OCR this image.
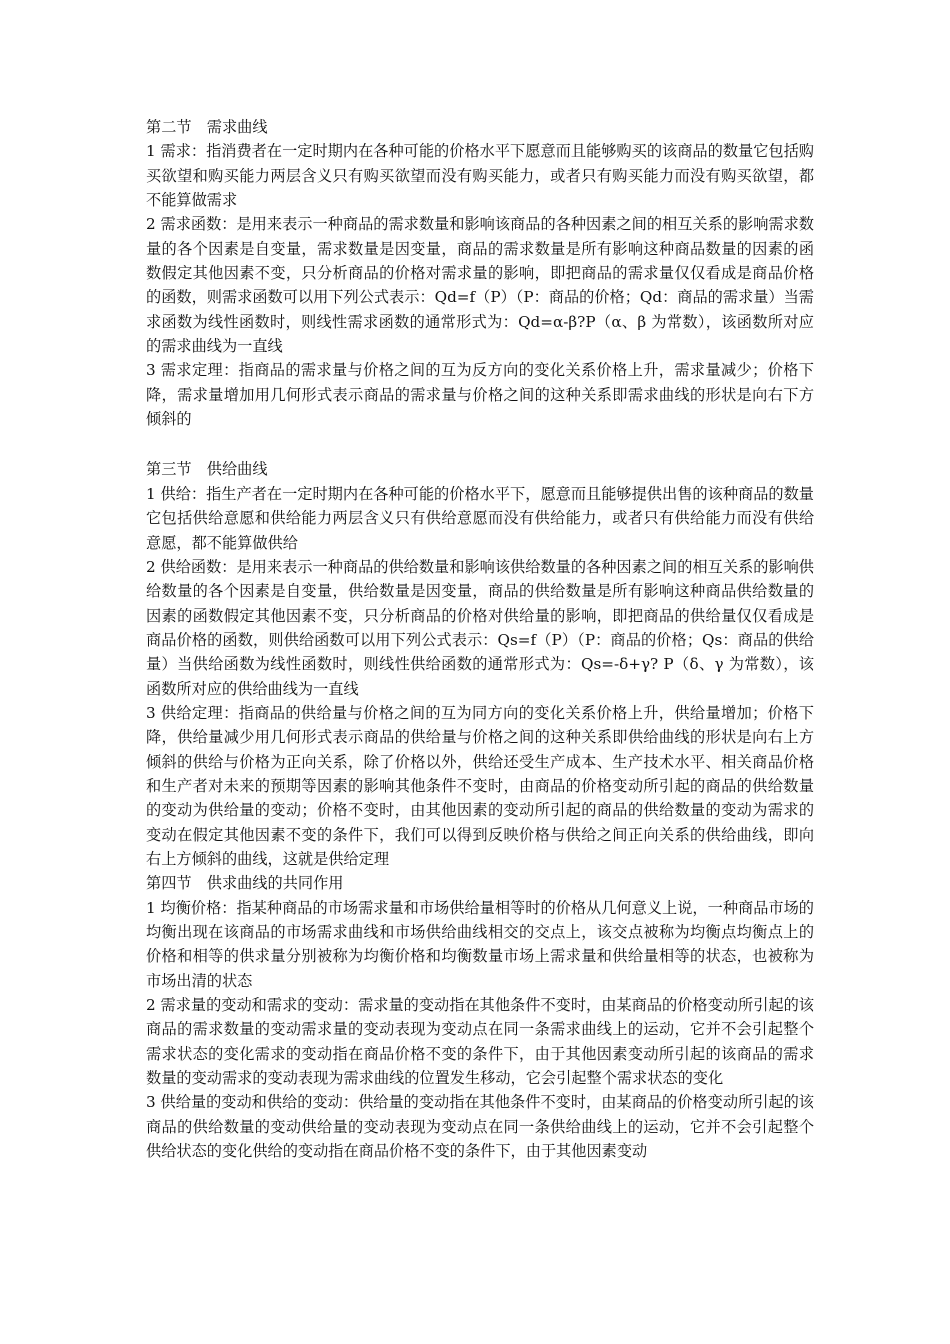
第二节　需求曲线
1 需求：指消费者在一定时期内在各种可能的价格水平下愿意而且能够购买的该商品的数量它包括购买欲望和购买能力两层含义只有购买欲望而没有购买能力，或者只有购买能力而没有购买欲望，都不能算做需求
2 需求函数：是用来表示一种商品的需求数量和影响该商品的各种因素之间的相互关系的影响需求数量的各个因素是自变量，需求数量是因变量，商品的需求数量是所有影响这种商品数量的因素的函数假定其他因素不变，只分析商品的价格对需求量的影响，即把商品的需求量仅仅看成是商品价格的函数，则需求函数可以用下列公式表示：Qd=f（P）（P：商品的价格；Qd：商品的需求量）当需求函数为线性函数时，则线性需求函数的通常形式为：Qd=α-β?P（α、β 为常数），该函数所对应的需求曲线为一直线
3 需求定理：指商品的需求量与价格之间的互为反方向的变化关系价格上升，需求量减少；价格下降，需求量增加用几何形式表示商品的需求量与价格之间的这种关系即需求曲线的形状是向右下方倾斜的
第三节　供给曲线
1 供给：指生产者在一定时期内在各种可能的价格水平下，愿意而且能够提供出售的该种商品的数量它包括供给意愿和供给能力两层含义只有供给意愿而没有供给能力，或者只有供给能力而没有供给意愿，都不能算做供给
2 供给函数：是用来表示一种商品的供给数量和影响该供给数量的各种因素之间的相互关系的影响供给数量的各个因素是自变量，供给数量是因变量，商品的供给数量是所有影响这种商品供给数量的因素的函数假定其他因素不变，只分析商品的价格对供给量的影响，即把商品的供给量仅仅看成是商品价格的函数，则供给函数可以用下列公式表示：Qs=f（P）（P：商品的价格；Qs：商品的供给量）当供给函数为线性函数时，则线性供给函数的通常形式为：Qs=-δ+γ? P（δ、γ 为常数），该函数所对应的供给曲线为一直线
3 供给定理：指商品的供给量与价格之间的互为同方向的变化关系价格上升，供给量增加；价格下降，供给量减少用几何形式表示商品的供给量与价格之间的这种关系即供给曲线的形状是向右上方倾斜的供给与价格为正向关系，除了价格以外，供给还受生产成本、生产技术水平、相关商品价格和生产者对未来的预期等因素的影响其他条件不变时，由商品的价格变动所引起的商品的供给数量的变动为供给量的变动；价格不变时，由其他因素的变动所引起的商品的供给数量的变动为需求的变动在假定其他因素不变的条件下，我们可以得到反映价格与供给之间正向关系的供给曲线，即向右上方倾斜的曲线，这就是供给定理
第四节　供求曲线的共同作用
1 均衡价格：指某种商品的市场需求量和市场供给量相等时的价格从几何意义上说，一种商品市场的均衡出现在该商品的市场需求曲线和市场供给曲线相交的交点上，该交点被称为均衡点均衡点上的价格和相等的供求量分别被称为均衡价格和均衡数量市场上需求量和供给量相等的状态，也被称为市场出清的状态
2 需求量的变动和需求的变动：需求量的变动指在其他条件不变时，由某商品的价格变动所引起的该商品的需求数量的变动需求量的变动表现为变动点在同一条需求曲线上的运动，它并不会引起整个需求状态的变化需求的变动指在商品价格不变的条件下，由于其他因素变动所引起的该商品的需求数量的变动需求的变动表现为需求曲线的位置发生移动，它会引起整个需求状态的变化
3 供给量的变动和供给的变动：供给量的变动指在其他条件不变时，由某商品的价格变动所引起的该商品的供给数量的变动供给量的变动表现为变动点在同一条供给曲线上的运动，它并不会引起整个供给状态的变化供给的变动指在商品价格不变的条件下，由于其他因素变动
